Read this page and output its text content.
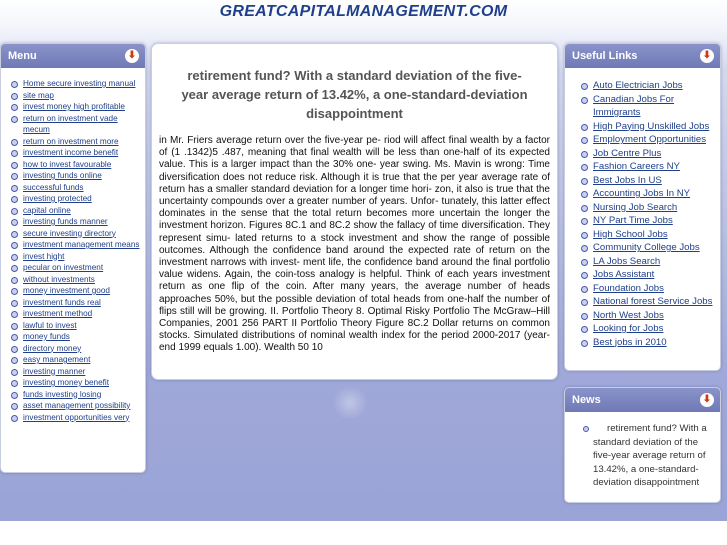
GREATCAPITALMANAGEMENT.COM
Menu	⬇
Home secure investing manual
site map
invest money high profitable
return on investment vade mecum
return on investment more
investment income benefit
how to invest favourable
investing funds online
successful funds
investing protected
capital online
investing funds manner
secure investing directory
investment management means
invest hight
pecular on investment
without investments
money investment good
investment funds real
investment method
lawful to invest
money funds
directory money
easy management
investing manner
investing money benefit
funds investing losing
asset management possibility
investment opportunities very
retirement fund? With a standard deviation of the five-year average return of 13.42%, a one-standard-deviation disappointment
in Mr. Friers average return over the five-year pe- riod will affect final wealth by a factor of (1 .1342)5 .487, meaning that final wealth will be less than one-half of its expected value. This is a larger impact than the 30% one- year swing. Ms. Mavin is wrong: Time diversification does not reduce risk. Although it is true that the per year average rate of return has a smaller standard deviation for a longer time hori- zon, it also is true that the uncertainty compounds over a greater number of years. Unfor- tunately, this latter effect dominates in the sense that the total return becomes more uncertain the longer the investment horizon. Figures 8C.1 and 8C.2 show the fallacy of time diversification. They represent simu- lated returns to a stock investment and show the range of possible outcomes. Although the confidence band around the expected rate of return on the investment narrows with invest- ment life, the confidence band around the final portfolio value widens. Again, the coin-toss analogy is helpful. Think of each years investment return as one flip of the coin. After many years, the average number of heads approaches 50%, but the possible deviation of total heads from one-half the number of flips still will be growing. II. Portfolio Theory 8. Optimal Risky Portfolio The McGraw–Hill Companies, 2001 256 PART II Portfolio Theory Figure 8C.2 Dollar returns on common stocks. Simulated distributions of nominal wealth index for the period 2000-2017 (year-end 1999 equals 1.00). Wealth 50 10
Useful Links	⬇
Auto Electrician Jobs
Canadian Jobs For Immigrants
High Paying Unskilled Jobs
Employment Opportunities
Job Centre Plus
Fashion Careers NY
Best Jobs In US
Accounting Jobs In NY
Nursing Job Search
NY Part Time Jobs
High School Jobs
Community College Jobs
LA Jobs Search
Jobs Assistant
Foundation Jobs
National forest Service Jobs
North West Jobs
Looking for Jobs
Best jobs in 2010
News	⬇

retirement fund? With a standard deviation of the five-year average return of 13.42%, a one-standard-deviation disappointment
